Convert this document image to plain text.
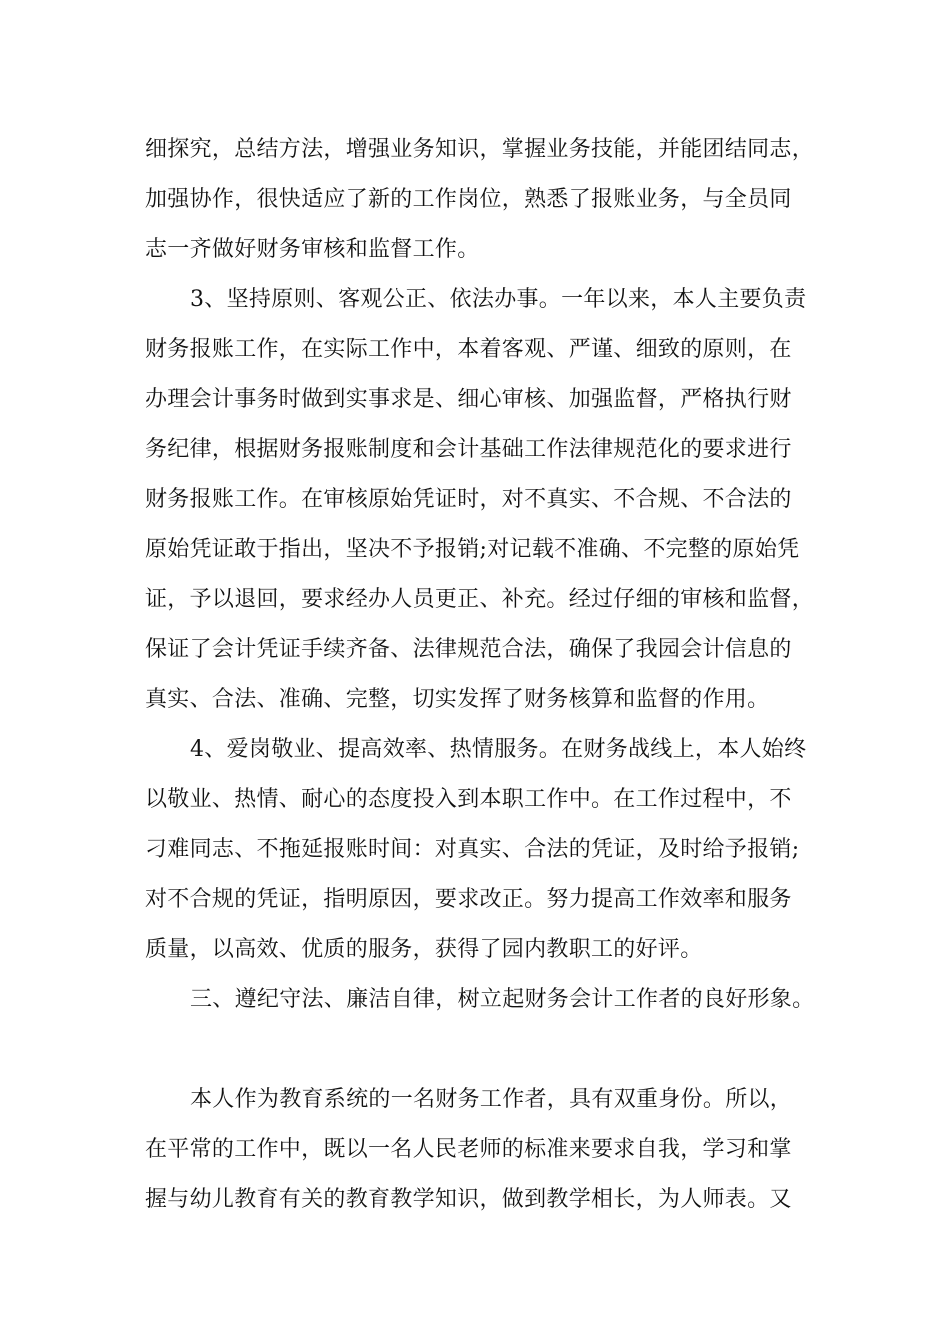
细探究，总结方法，增强业务知识，掌握业务技能，并能团结同志，
加强协作，很快适应了新的工作岗位，熟悉了报账业务，与全员同
志一齐做好财务审核和监督工作。
3、坚持原则、客观公正、依法办事。一年以来，本人主要负责
财务报账工作，在实际工作中，本着客观、严谨、细致的原则，在
办理会计事务时做到实事求是、细心审核、加强监督，严格执行财
务纪律，根据财务报账制度和会计基础工作法律规范化的要求进行
财务报账工作。在审核原始凭证时，对不真实、不合规、不合法的
原始凭证敢于指出，坚决不予报销;对记载不准确、不完整的原始凭
证，予以退回，要求经办人员更正、补充。经过仔细的审核和监督，
保证了会计凭证手续齐备、法律规范合法，确保了我园会计信息的
真实、合法、准确、完整，切实发挥了财务核算和监督的作用。
4、爱岗敬业、提高效率、热情服务。在财务战线上，本人始终
以敬业、热情、耐心的态度投入到本职工作中。在工作过程中，不
刁难同志、不拖延报账时间：对真实、合法的凭证，及时给予报销;
对不合规的凭证，指明原因，要求改正。努力提高工作效率和服务
质量，以高效、优质的服务，获得了园内教职工的好评。
三、遵纪守法、廉洁自律，树立起财务会计工作者的良好形象。
本人作为教育系统的一名财务工作者，具有双重身份。所以，
在平常的工作中，既以一名人民老师的标准来要求自我，学习和掌
握与幼儿教育有关的教育教学知识，做到教学相长，为人师表。又
